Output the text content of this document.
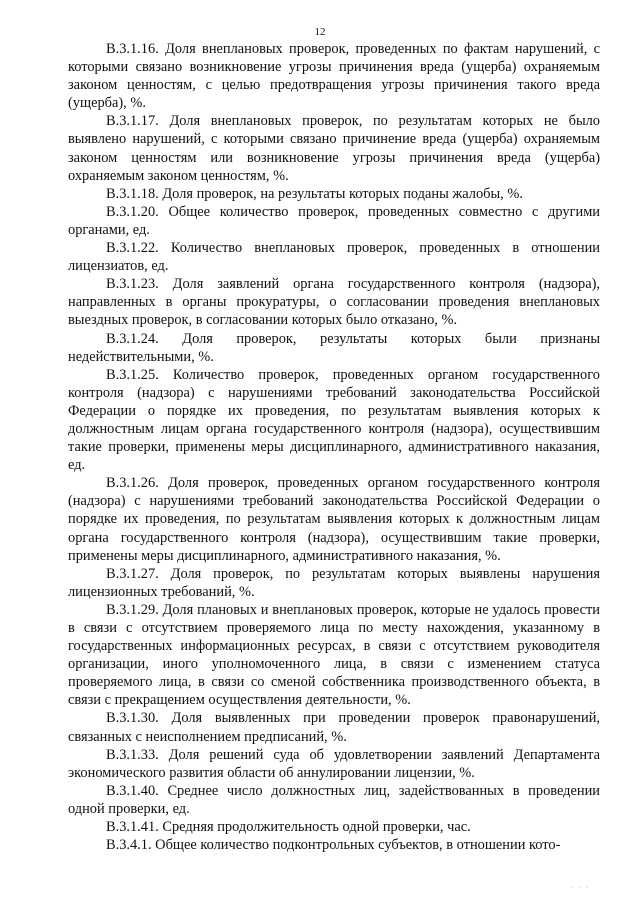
12

В.3.1.16. Доля внеплановых проверок, проведенных по фактам нарушений, с которыми связано возникновение угрозы причинения вреда (ущерба) охраняемым законом ценностям, с целью предотвращения угрозы причинения такого вреда (ущерба), %.

В.3.1.17. Доля внеплановых проверок, по результатам которых не было выявлено нарушений, с которыми связано причинение вреда (ущерба) охраняемым законом ценностям или возникновение угрозы причинения вреда (ущерба) охраняемым законом ценностям, %.

В.3.1.18. Доля проверок, на результаты которых поданы жалобы, %.

В.3.1.20. Общее количество проверок, проведенных совместно с другими органами, ед.

В.3.1.22. Количество внеплановых проверок, проведенных в отношении лицензиатов, ед.

В.3.1.23. Доля заявлений органа государственного контроля (надзора), направленных в органы прокуратуры, о согласовании проведения внеплановых выездных проверок, в согласовании которых было отказано, %.

В.3.1.24. Доля проверок, результаты которых были признаны недействительными, %.

В.3.1.25. Количество проверок, проведенных органом государственного контроля (надзора) с нарушениями требований законодательства Российской Федерации о порядке их проведения, по результатам выявления которых к должностным лицам органа государственного контроля (надзора), осуществившим такие проверки, применены меры дисциплинарного, административного наказания, ед.

В.3.1.26. Доля проверок, проведенных органом государственного контроля (надзора) с нарушениями требований законодательства Российской Федерации о порядке их проведения, по результатам выявления которых к должностным лицам органа государственного контроля (надзора), осуществившим такие проверки, применены меры дисциплинарного, административного наказания, %.

В.3.1.27. Доля проверок, по результатам которых выявлены нарушения лицензионных требований, %.

В.3.1.29. Доля плановых и внеплановых проверок, которые не удалось провести в связи с отсутствием проверяемого лица по месту нахождения, указанному в государственных информационных ресурсах, в связи с отсутствием руководителя организации, иного уполномоченного лица, в связи с изменением статуса проверяемого лица, в связи со сменой собственника производственного объекта, в связи с прекращением осуществления деятельности, %.

В.3.1.30. Доля выявленных при проведении проверок правонарушений, связанных с неисполнением предписаний, %.

В.3.1.33. Доля решений суда об удовлетворении заявлений Департамента экономического развития области об аннулировании лицензии, %.

В.3.1.40. Среднее число должностных лиц, задействованных в проведении одной проверки, ед.

В.3.1.41. Средняя продолжительность одной проверки, час.

В.3.4.1. Общее количество подконтрольных субъектов, в отношении кото-

· · ·
